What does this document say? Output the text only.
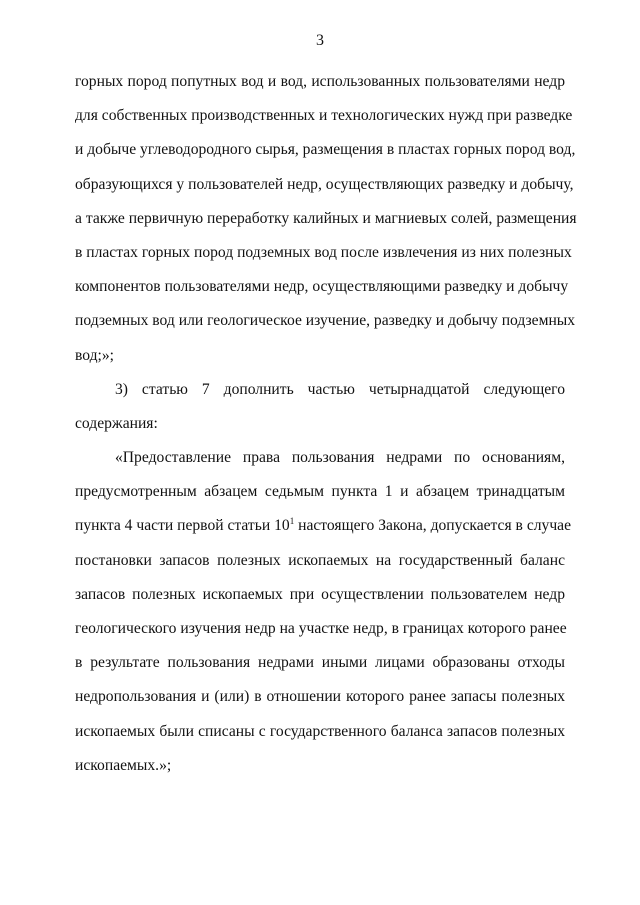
3
горных пород попутных вод и вод, использованных пользователями недр
для собственных производственных и технологических нужд при разведке
и добыче углеводородного сырья, размещения в пластах горных пород вод,
образующихся у пользователей недр, осуществляющих разведку и добычу,
а также первичную переработку калийных и магниевых солей, размещения
в пластах горных пород подземных вод после извлечения из них полезных
компонентов пользователями недр, осуществляющими разведку и добычу
подземных вод или геологическое изучение, разведку и добычу подземных
вод;»;
3) статью 7 дополнить частью четырнадцатой следующего
содержания:
«Предоставление права пользования недрами по основаниям,
предусмотренным абзацем седьмым пункта 1 и абзацем тринадцатым
пункта 4 части первой статьи $10^1$ настоящего Закона, допускается в случае
постановки запасов полезных ископаемых на государственный баланс
запасов полезных ископаемых при осуществлении пользователем недр
геологического изучения недр на участке недр, в границах которого ранее
в результате пользования недрами иными лицами образованы отходы
недропользования и (или) в отношении которого ранее запасы полезных
ископаемых были списаны с государственного баланса запасов полезных
ископаемых.»;
